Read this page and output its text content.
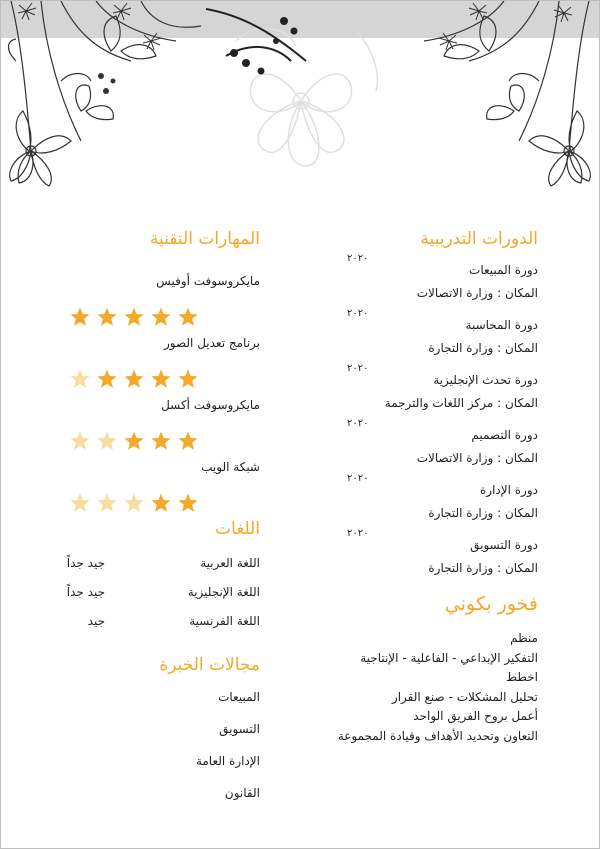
الدورات التدريبية
٢٠٢٠
دورة المبيعات
المكان : وزارة الاتصالات
٢٠٢٠
دورة المحاسبة
المكان : وزارة التجارة
٢٠٢٠
دورة تحدث الإنجليزية
المكان : مركز اللغات والترجمة
٢٠٢٠
دورة التصميم
المكان : وزارة الاتصالات
٢٠٢٠
دورة الإدارة
المكان : وزارة التجارة
٢٠٢٠
دورة التسويق
المكان : وزارة التجارة
فخور بكوني
منظم
التفكير الإبداعي - الفاعلية - الإنتاجية
اخطط
تحليل المشكلات - صنع القرار
أعمل بروح الفريق الواحد
التعاون وتحديد الأهداف وقيادة المجموعة
المهارات التقنية
مايكروسوفت أوفيس
برنامج تعديل الصور
مايكروسوفت أكسل
شبكة الويب
اللغات
اللغة العربية
جيد جداً
اللغة الإنجليزية
جيد جداً
اللغة الفرنسية
جيد
مجالات الخبرة
المبيعات
التسويق
الإدارة العامة
القانون
